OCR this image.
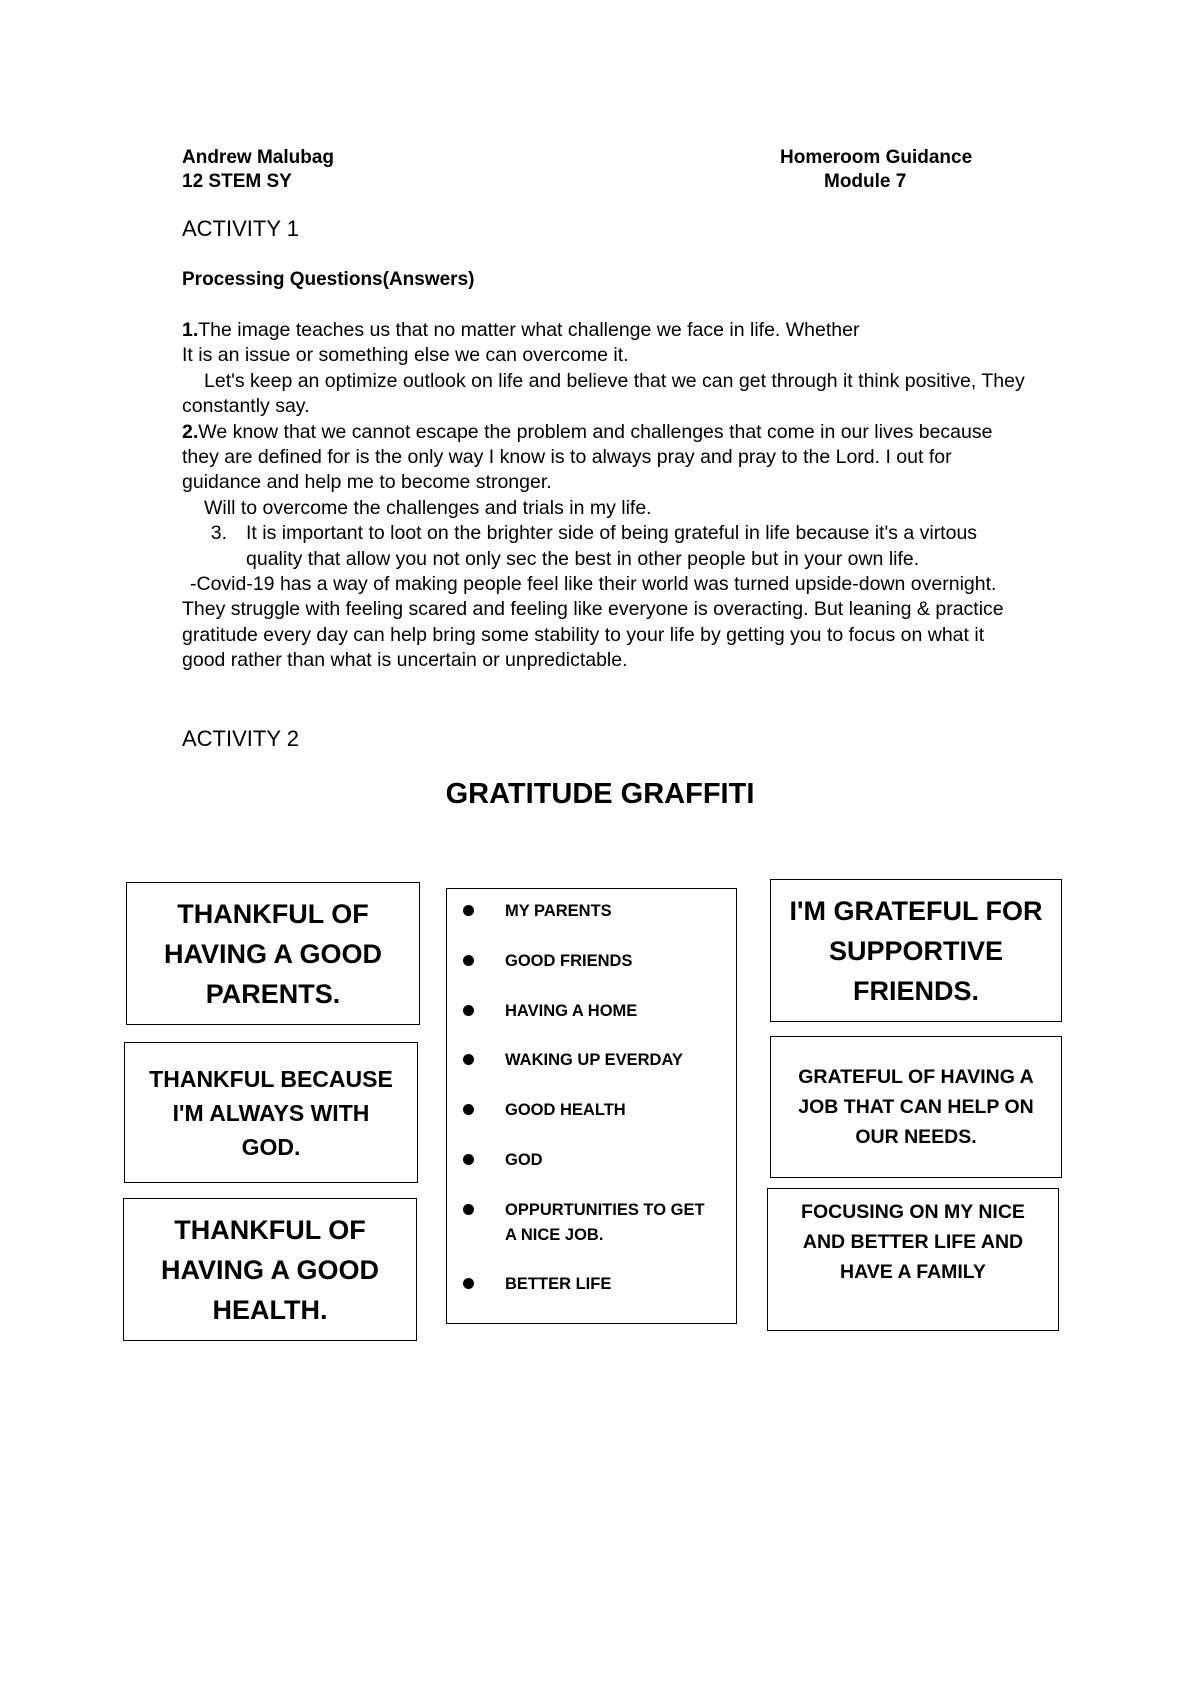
Andrew Malubag
12 STEM SY
Homeroom Guidance
Module 7
ACTIVITY 1
Processing Questions(Answers)

1.The image teaches us that no matter what challenge we face in life. Whether

It is an issue or something else we can overcome it.

Let's keep an optimize outlook on life and believe that we can get through it think positive, They constantly say.

2.We know that we cannot escape the problem and challenges that come in our lives because they are defined for is the only way I know is to always pray and pray to the Lord. I out for guidance and help me to become stronger.

Will to overcome the challenges and trials in my life.

3. It is important to loot on the brighter side of being grateful in life because it's a virtous quality that allow you not only sec the best in other people but in your own life.

-Covid-19 has a way of making people feel like their world was turned upside-down overnight. They struggle with feeling scared and feeling like everyone is overacting. But leaning & practice gratitude every day can help bring some stability to your life by getting you to focus on what it good rather than what is uncertain or unpredictable.

ACTIVITY 2
GRATITUDE GRAFFITI
THANKFUL OF HAVING A GOOD PARENTS.
THANKFUL BECAUSE I'M ALWAYS WITH GOD.
THANKFUL OF HAVING A GOOD HEALTH.
MY PARENTS
GOOD FRIENDS
HAVING A HOME
WAKING UP EVERDAY
GOOD HEALTH
GOD
OPPURTUNITIES TO GET A NICE JOB.
BETTER LIFE
I'M GRATEFUL FOR SUPPORTIVE FRIENDS.
GRATEFUL OF HAVING A JOB THAT CAN HELP ON OUR NEEDS.
FOCUSING ON MY NICE AND BETTER LIFE AND HAVE A FAMILY
